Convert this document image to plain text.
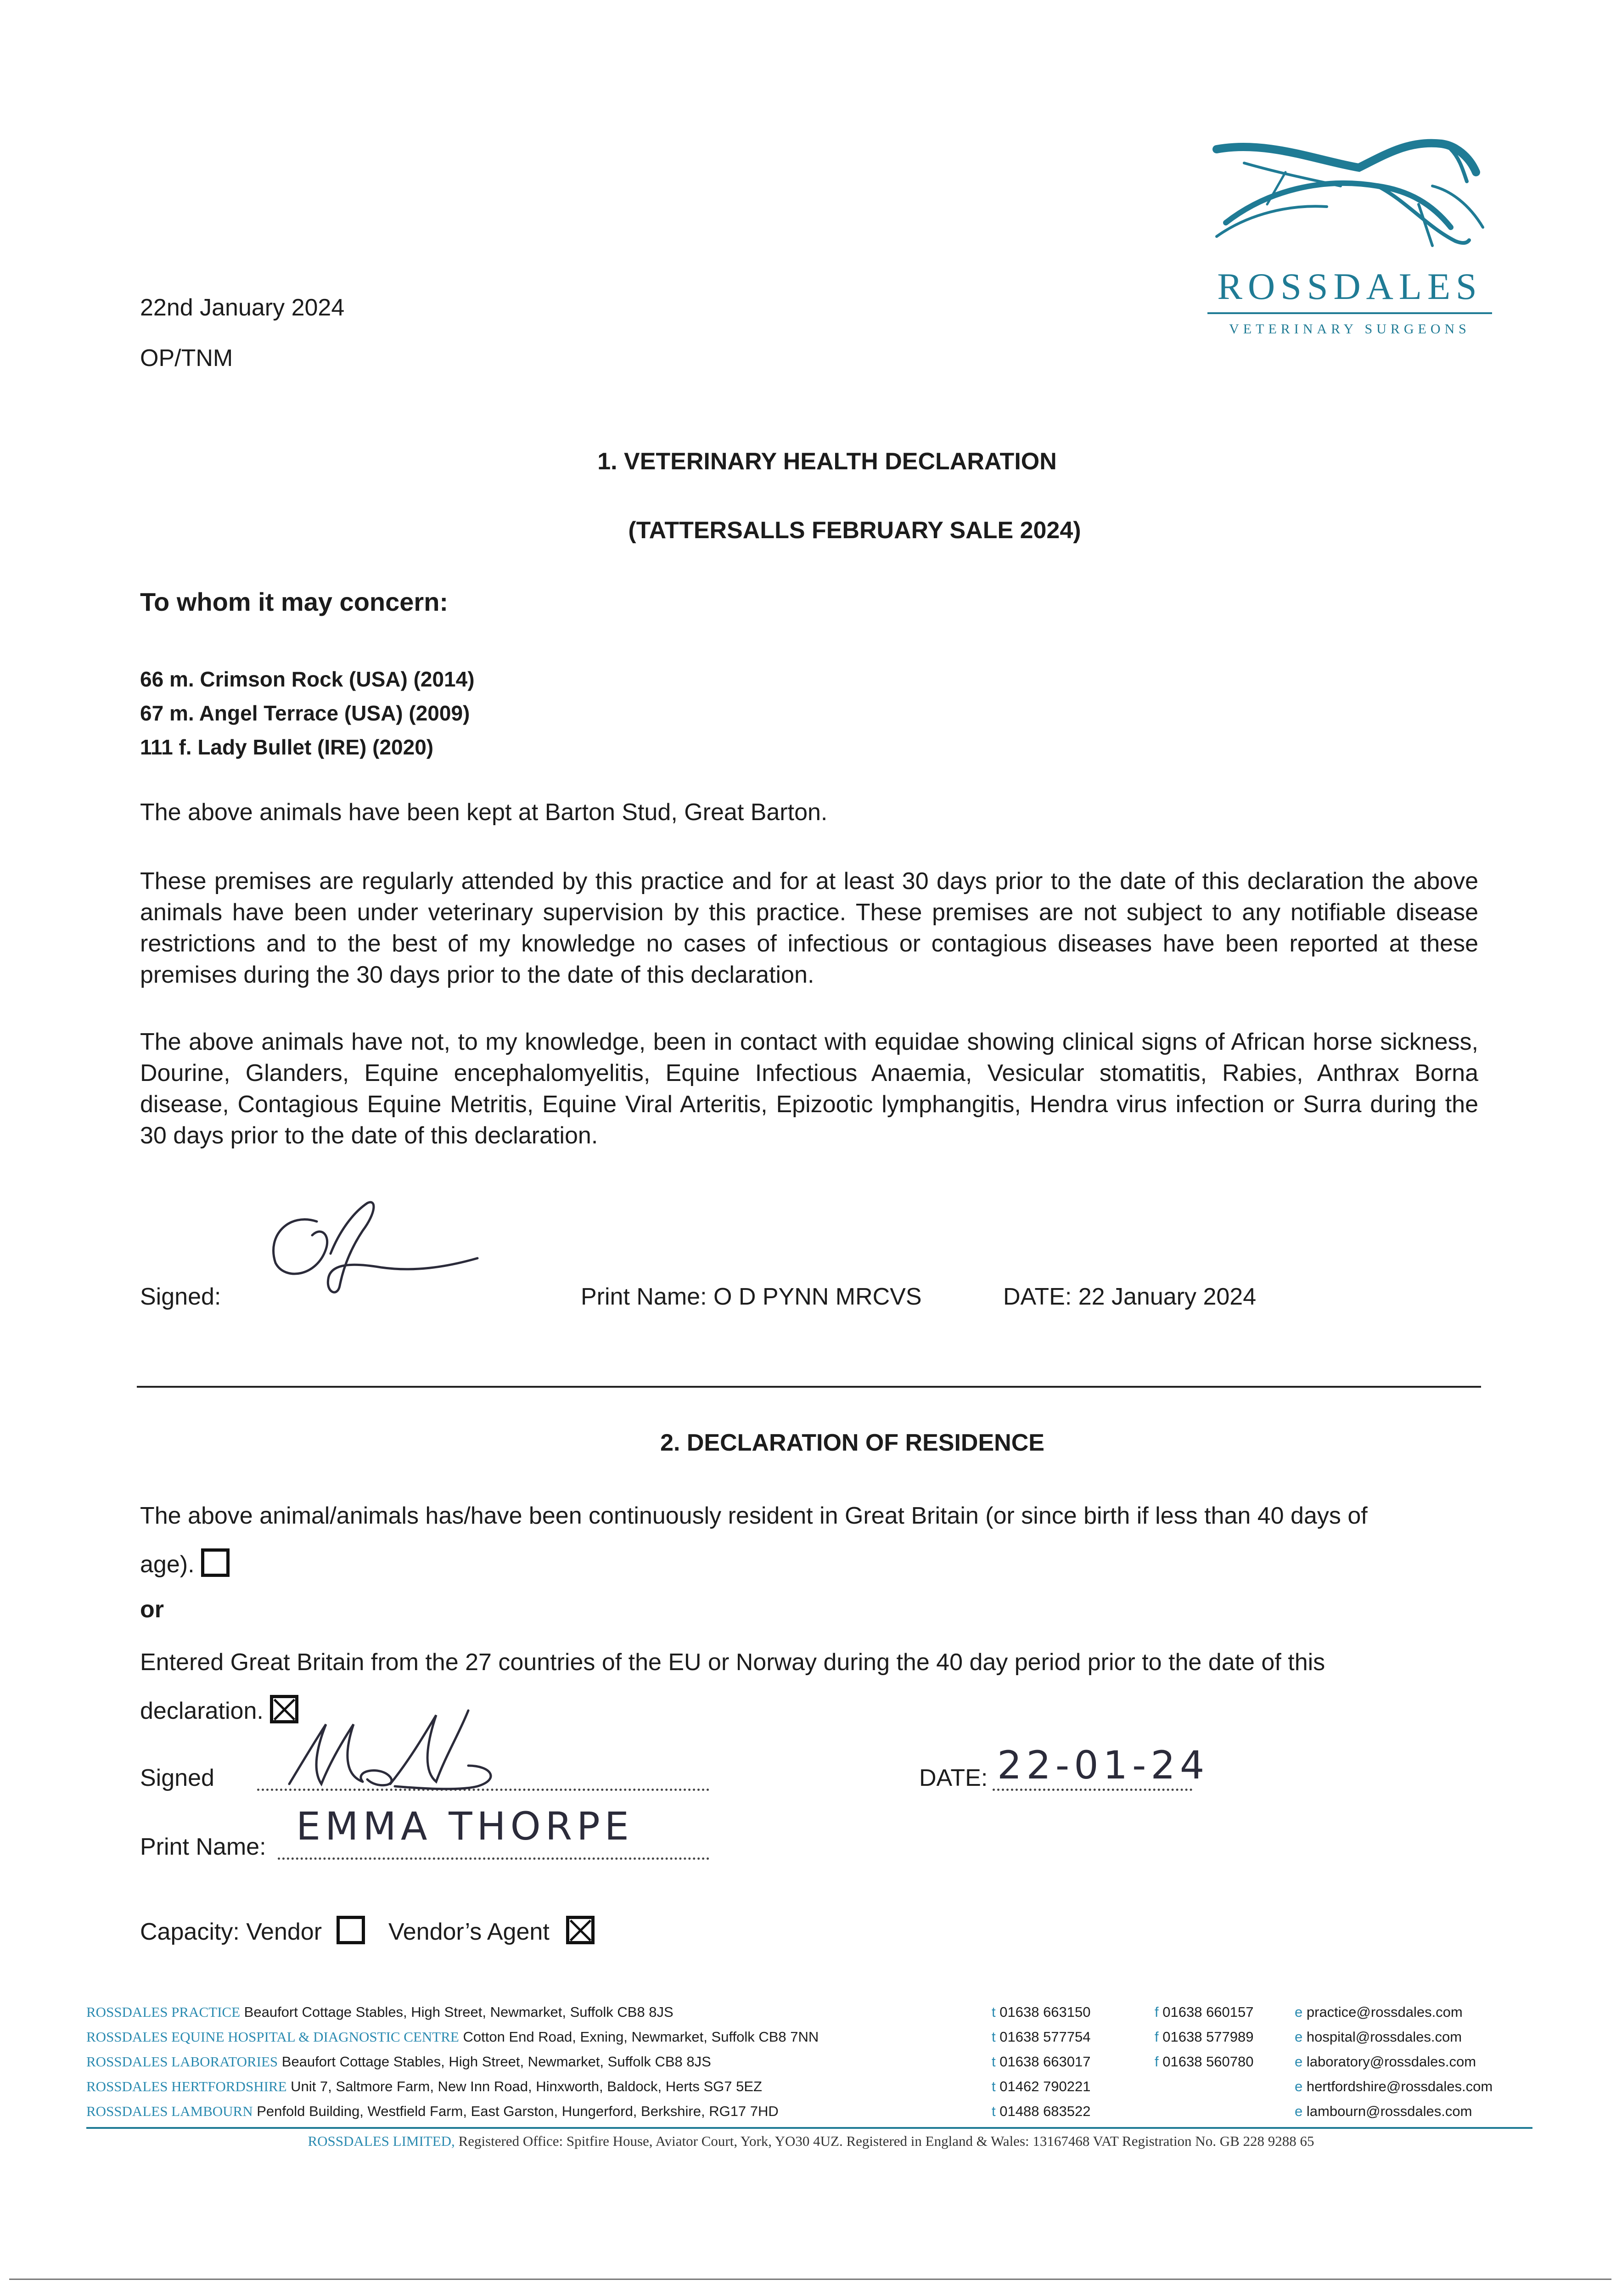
22nd January 2024
OP/TNM
ROSSDALES
VETERINARY SURGEONS
1. VETERINARY HEALTH DECLARATION
(TATTERSALLS FEBRUARY SALE 2024)
To whom it may concern:
66 m. Crimson Rock (USA) (2014)
67 m. Angel Terrace (USA) (2009)
111 f. Lady Bullet (IRE) (2020)
The above animals have been kept at Barton Stud, Great Barton.
These premises are regularly attended by this practice and for at least 30 days prior to the date of this declaration the above animals have been under veterinary supervision by this practice. These premises are not subject to any notifiable disease restrictions and to the best of my knowledge no cases of infectious or contagious diseases have been reported at these premises during the 30 days prior to the date of this declaration.
The above animals have not, to my knowledge, been in contact with equidae showing clinical signs of African horse sickness, Dourine, Glanders, Equine encephalomyelitis, Equine Infectious Anaemia, Vesicular stomatitis, Rabies, Anthrax Borna disease, Contagious Equine Metritis, Equine Viral Arteritis, Epizootic lymphangitis, Hendra virus infection or Surra during the 30 days prior to the date of this declaration.
Signed:	Print Name: O D PYNN MRCVS	DATE: 22 January 2024
2. DECLARATION OF RESIDENCE
The above animal/animals has/have been continuously resident in Great Britain (or since birth if less than 40 days of age).
or
Entered Great Britain from the 27 countries of the EU or Norway during the 40 day period prior to the date of this declaration.
Signed	DATE: 22-01-24
Print Name: EMMA THORPE
Capacity: Vendor	Vendor’s Agent
ROSSDALES PRACTICE Beaufort Cottage Stables, High Street, Newmarket, Suffolk CB8 8JS	t 01638 663150	f 01638 660157	e practice@rossdales.com
ROSSDALES EQUINE HOSPITAL & DIAGNOSTIC CENTRE Cotton End Road, Exning, Newmarket, Suffolk CB8 7NN	t 01638 577754	f 01638 577989	e hospital@rossdales.com
ROSSDALES LABORATORIES Beaufort Cottage Stables, High Street, Newmarket, Suffolk CB8 8JS	t 01638 663017	f 01638 560780	e laboratory@rossdales.com
ROSSDALES HERTFORDSHIRE Unit 7, Saltmore Farm, New Inn Road, Hinxworth, Baldock, Herts SG7 5EZ	t 01462 790221	e hertfordshire@rossdales.com
ROSSDALES LAMBOURN Penfold Building, Westfield Farm, East Garston, Hungerford, Berkshire, RG17 7HD	t 01488 683522	e lambourn@rossdales.com
ROSSDALES LIMITED, Registered Office: Spitfire House, Aviator Court, York, YO30 4UZ. Registered in England & Wales: 13167468 VAT Registration No. GB 228 9288 65
